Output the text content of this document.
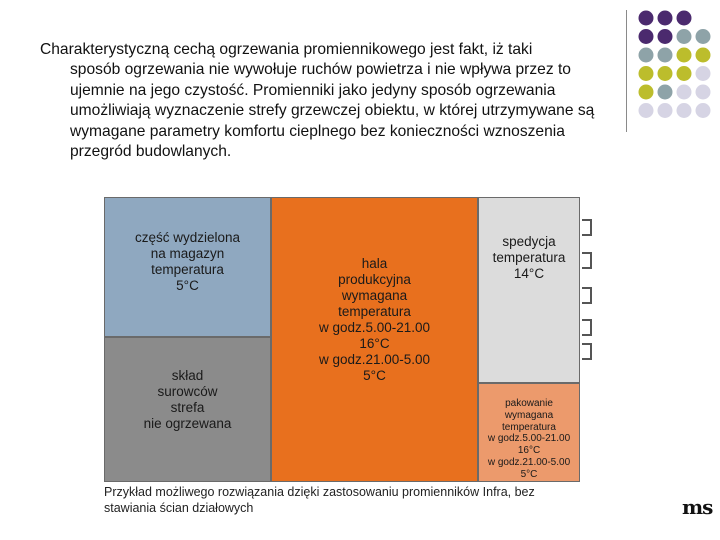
Charakterystyczną cechą ogrzewania promiennikowego jest fakt, iż taki
sposób ogrzewania nie wywołuje ruchów powietrza i nie wpływa przez to ujemnie na jego czystość. Promienniki jako jedyny sposób ogrzewania umożliwiają wyznaczenie strefy grzewczej obiektu, w której utrzymywane są wymagane parametry komfortu cieplnego bez konieczności wznoszenia przegród budowlanych.
część wydzielona
na magazyn
temperatura
5°C
skład
surowców
strefa
nie ogrzewana
hala
produkcyjna
wymagana
temperatura
w godz.5.00-21.00
16°C
w godz.21.00-5.00
5°C
spedycja
temperatura
14°C
pakowanie
wymagana
temperatura
w godz.5.00-21.00
16°C
w godz.21.00-5.00
5°C
Przykład możliwego rozwiązania dzięki zastosowaniu promienników Infra, bez stawiania ścian działowych	ms
